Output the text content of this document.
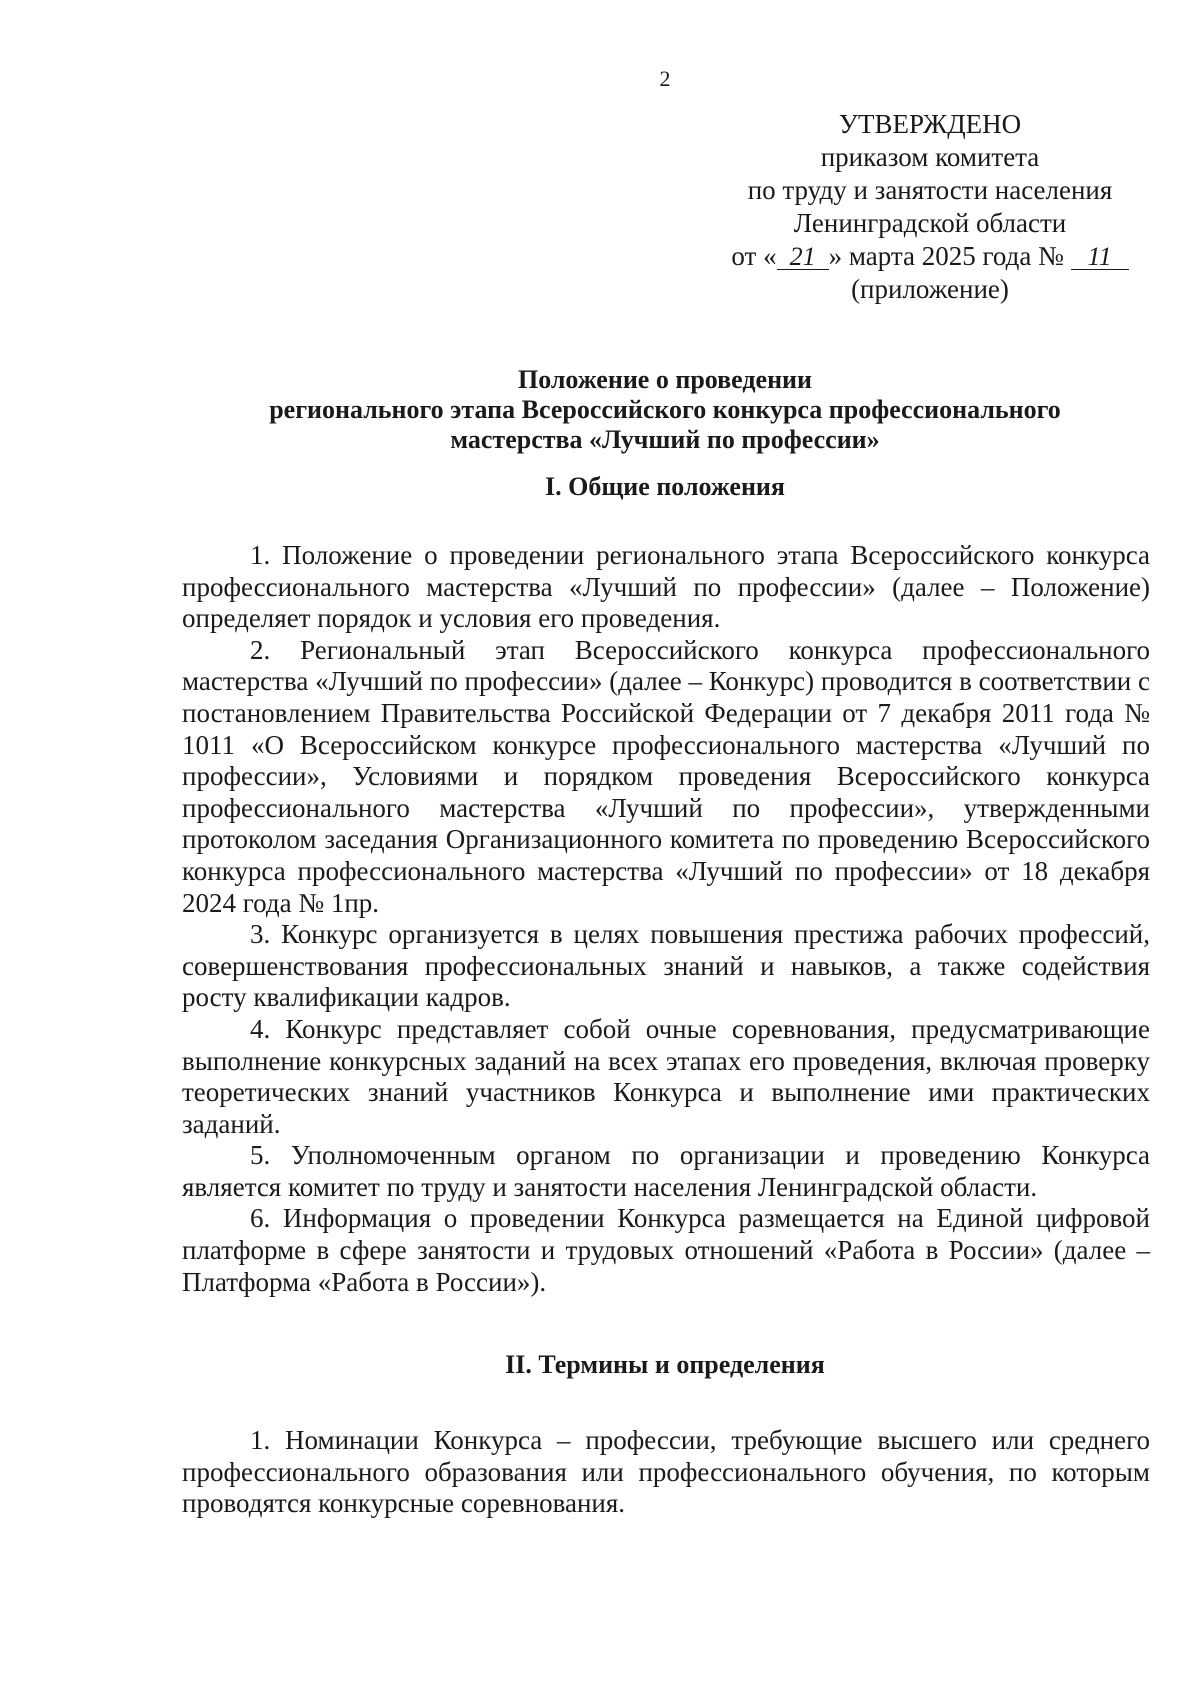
2
УТВЕРЖДЕНО
приказом комитета
по труду и занятости населения
Ленинградской области
от « 21 » марта 2025 года № 11
(приложение)
Положение о проведении
регионального этапа Всероссийского конкурса профессионального
мастерства «Лучший по профессии»
I. Общие положения

1. Положение о проведении регионального этапа Всероссийского конкурса профессионального мастерства «Лучший по профессии» (далее – Положение) определяет порядок и условия его проведения.

2. Региональный этап Всероссийского конкурса профессионального мастерства «Лучший по профессии» (далее – Конкурс) проводится в соответствии с постановлением Правительства Российской Федерации от 7 декабря 2011 года № 1011 «О Всероссийском конкурсе профессионального мастерства «Лучший по профессии», Условиями и порядком проведения Всероссийского конкурса профессионального мастерства «Лучший по профессии», утвержденными протоколом заседания Организационного комитета по проведению Всероссийского конкурса профессионального мастерства «Лучший по профессии» от 18 декабря 2024 года № 1пр.

3. Конкурс организуется в целях повышения престижа рабочих профессий, совершенствования профессиональных знаний и навыков, а также содействия росту квалификации кадров.

4. Конкурс представляет собой очные соревнования, предусматривающие выполнение конкурсных заданий на всех этапах его проведения, включая проверку теоретических знаний участников Конкурса и выполнение ими практических заданий.

5. Уполномоченным органом по организации и проведению Конкурса является комитет по труду и занятости населения Ленинградской области.

6. Информация о проведении Конкурса размещается на Единой цифровой платформе в сфере занятости и трудовых отношений «Работа в России» (далее – Платформа «Работа в России»).

II. Термины и определения

1. Номинации Конкурса – профессии, требующие высшего или среднего профессионального образования или профессионального обучения, по которым проводятся конкурсные соревнования.
